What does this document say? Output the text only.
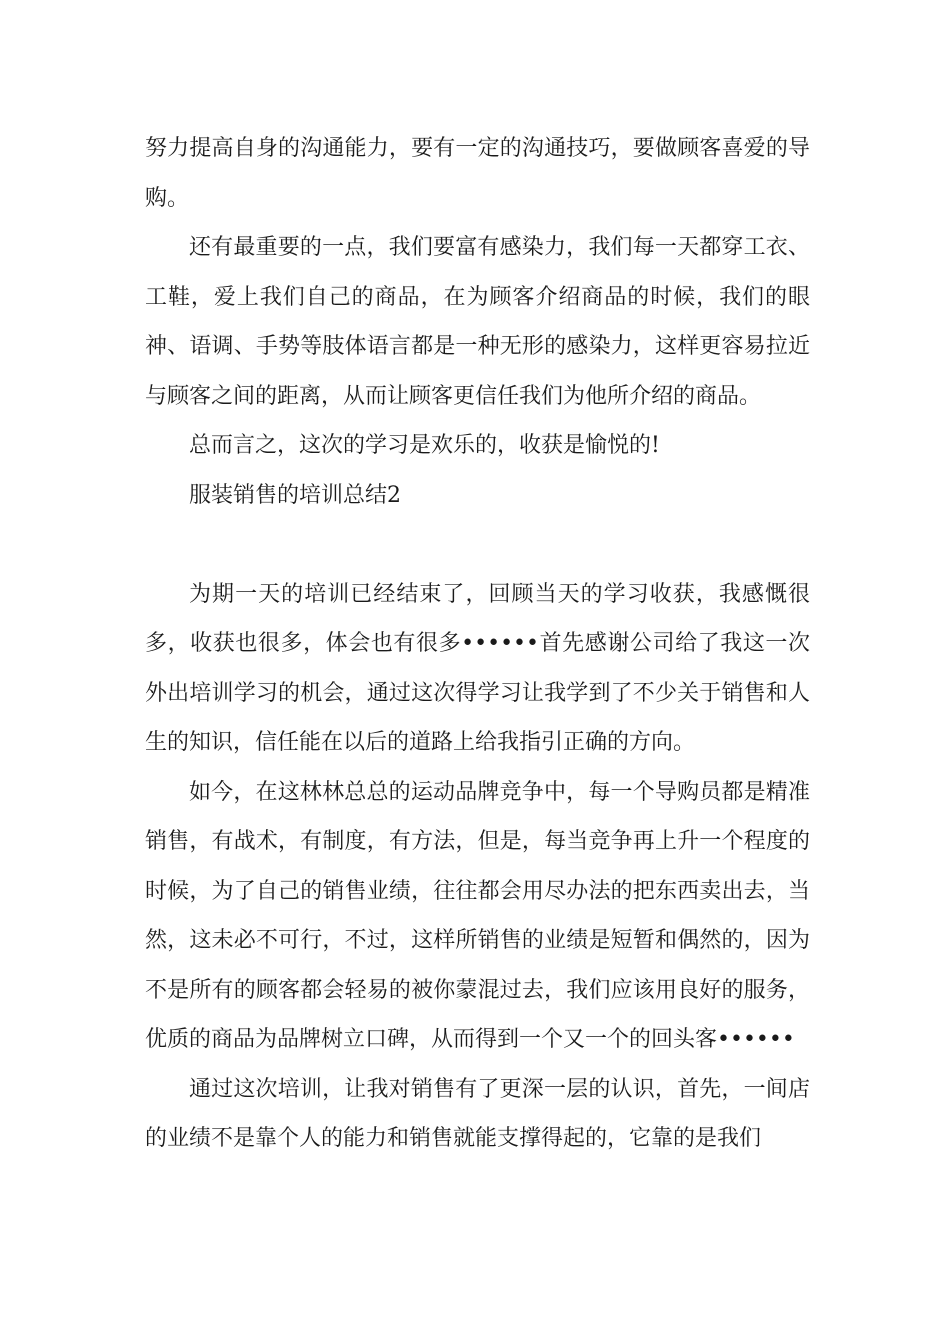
努力提高自身的沟通能力，要有一定的沟通技巧，要做顾客喜爱的导购。

还有最重要的一点，我们要富有感染力，我们每一天都穿工衣、工鞋，爱上我们自己的商品，在为顾客介绍商品的时候，我们的眼神、语调、手势等肢体语言都是一种无形的感染力，这样更容易拉近与顾客之间的距离，从而让顾客更信任我们为他所介绍的商品。

总而言之，这次的学习是欢乐的，收获是愉悦的!

服装销售的培训总结2

为期一天的培训已经结束了，回顾当天的学习收获，我感慨很多，收获也很多，体会也有很多••••••首先感谢公司给了我这一次外出培训学习的机会，通过这次得学习让我学到了不少关于销售和人生的知识，信任能在以后的道路上给我指引正确的方向。

如今，在这林林总总的运动品牌竞争中，每一个导购员都是精准销售，有战术，有制度，有方法，但是，每当竞争再上升一个程度的时候，为了自己的销售业绩，往往都会用尽办法的把东西卖出去，当然，这未必不可行，不过，这样所销售的业绩是短暂和偶然的，因为不是所有的顾客都会轻易的被你蒙混过去，我们应该用良好的服务，优质的商品为品牌树立口碑，从而得到一个又一个的回头客••••••

通过这次培训，让我对销售有了更深一层的认识，首先，一间店的业绩不是靠个人的能力和销售就能支撑得起的，它靠的是我们
